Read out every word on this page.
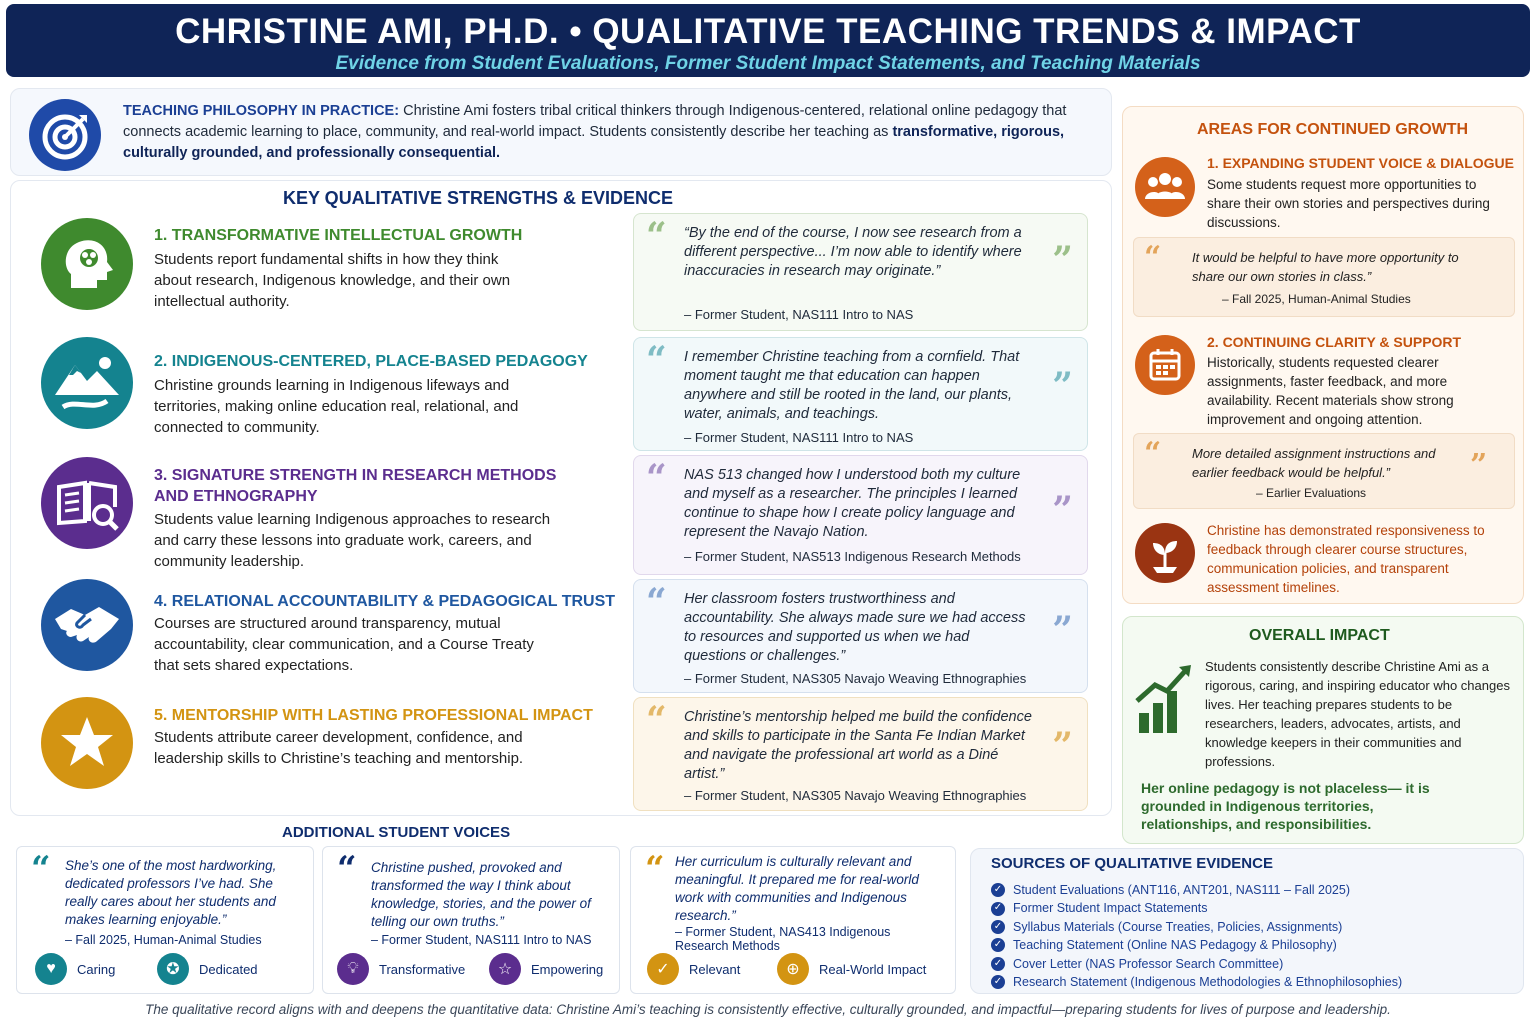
CHRISTINE AMI, PH.D. • QUALITATIVE TEACHING TRENDS & IMPACT
Evidence from Student Evaluations, Former Student Impact Statements, and Teaching Materials

TEACHING PHILOSOPHY IN PRACTICE: Christine Ami fosters tribal critical thinkers through Indigenous-centered, relational online pedagogy that connects academic learning to place, community, and real-world impact. Students consistently describe her teaching as transformative, rigorous, culturally grounded, and professionally consequential.

KEY QUALITATIVE STRENGTHS & EVIDENCE
1. TRANSFORMATIVE INTELLECTUAL GROWTH
Students report fundamental shifts in how they think about research, Indigenous knowledge, and their own intellectual authority.
“ “By the end of the course, I now see research from a different perspective... I’m now able to identify where inaccuracies in research may originate.”	”
– Former Student, NAS111 Intro to NAS
2. INDIGENOUS-CENTERED, PLACE-BASED PEDAGOGY
Christine grounds learning in Indigenous lifeways and territories, making online education real, relational, and connected to community.
“ I remember Christine teaching from a cornfield. That moment taught me that education can happen anywhere and still be rooted in the land, our plants, water, animals, and teachings.
”
– Former Student, NAS111 Intro to NAS
3. SIGNATURE STRENGTH IN RESEARCH METHODS AND ETHNOGRAPHY
Students value learning Indigenous approaches to research and carry these lessons into graduate work, careers, and community leadership.
“ NAS 513 changed how I understood both my culture and myself as a researcher. The principles I learned continue to shape how I create policy language and represent the Navajo Nation.
”
– Former Student, NAS513 Indigenous Research Methods
4. RELATIONAL ACCOUNTABILITY & PEDAGOGICAL TRUST
Courses are structured around transparency, mutual accountability, clear communication, and a Course Treaty that sets shared expectations.
“ Her classroom fosters trustworthiness and accountability. She always made sure we had access to resources and supported us when we had questions or challenges.”
”
– Former Student, NAS305 Navajo Weaving Ethnographies
5. MENTORSHIP WITH LASTING PROFESSIONAL IMPACT
Students attribute career development, confidence, and leadership skills to Christine’s teaching and mentorship.
“ Christine’s mentorship helped me build the confidence and skills to participate in the Santa Fe Indian Market and navigate the professional art world as a Diné artist.”
”
– Former Student, NAS305 Navajo Weaving Ethnographies
AREAS FOR CONTINUED GROWTH
1. EXPANDING STUDENT VOICE & DIALOGUE
Some students request more opportunities to share their own stories and perspectives during discussions.
“ It would be helpful to have more opportunity to share our own stories in class.”
– Fall 2025, Human-Animal Studies
2. CONTINUING CLARITY & SUPPORT
Historically, students requested clearer assignments, faster feedback, and more availability. Recent materials show strong improvement and ongoing attention.
“ More detailed assignment instructions and earlier feedback would be helpful.”	”
– Earlier Evaluations
Christine has demonstrated responsiveness to feedback through clearer course structures, communication policies, and transparent assessment timelines.
OVERALL IMPACT
Students consistently describe Christine Ami as a rigorous, caring, and inspiring educator who changes lives. Her teaching prepares students to be researchers, leaders, advocates, artists, and knowledge keepers in their communities and professions.
Her online pedagogy is not placeless— it is grounded in Indigenous territories, relationships, and responsibilities.
ADDITIONAL STUDENT VOICES
“ She’s one of the most hardworking, dedicated professors I’ve had. She really cares about her students and makes learning enjoyable.”
– Fall 2025, Human-Animal Studies
♥	Caring	✪	Dedicated
“ Christine pushed, provoked and transformed the way I think about knowledge, stories, and the power of telling our own truths.”
– Former Student, NAS111 Intro to NAS
💡︎	Transformative	☆	Empowering
“ Her curriculum is culturally relevant and meaningful. It prepared me for real-world work with communities and Indigenous research.”
– Former Student, NAS413 Indigenous Research Methods
✓	Relevant	⊕	Real-World Impact
SOURCES OF QUALITATIVE EVIDENCE
✓ Student Evaluations (ANT116, ANT201, NAS111 – Fall 2025)
✓ Former Student Impact Statements
✓ Syllabus Materials (Course Treaties, Policies, Assignments)
✓ Teaching Statement (Online NAS Pedagogy & Philosophy)
✓ Cover Letter (NAS Professor Search Committee)
✓ Research Statement (Indigenous Methodologies & Ethnophilosophies)
The qualitative record aligns with and deepens the quantitative data: Christine Ami’s teaching is consistently effective, culturally grounded, and impactful—preparing students for lives of purpose and leadership.
